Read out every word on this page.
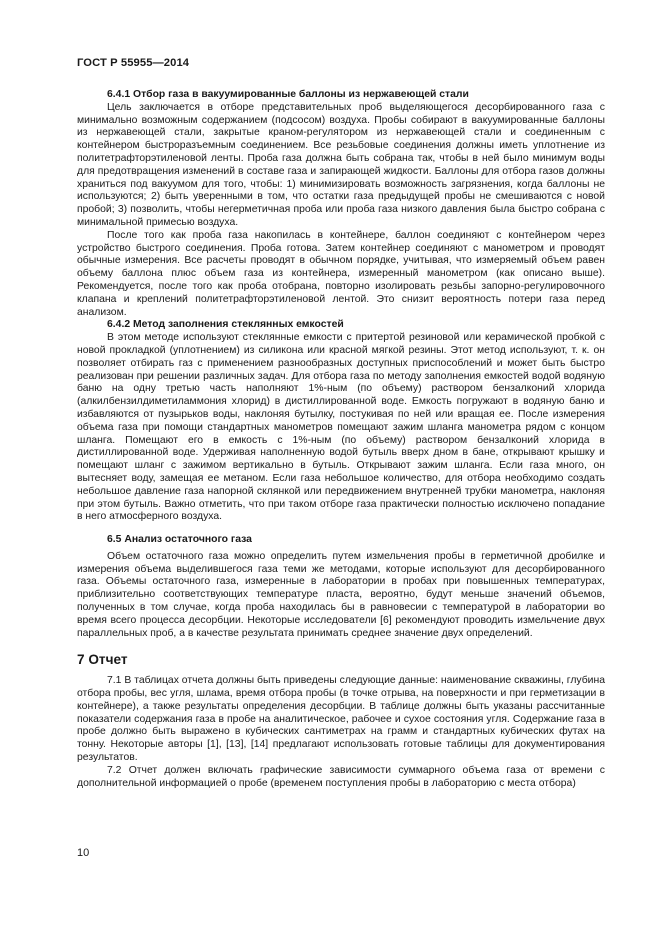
ГОСТ Р 55955—2014

6.4.1 Отбор газа в вакуумированные баллоны из нержавеющей стали

Цель заключается в отборе представительных проб выделяющегося десорбированного газа с минимально возможным содержанием (подсосом) воздуха. Пробы собирают в вакуумированные баллоны из нержавеющей стали, закрытые краном-регулятором из нержавеющей стали и соединенным с контейнером быстроразъемным соединением. Все резьбовые соединения должны иметь уплотнение из политетрафторэтиленовой ленты. Проба газа должна быть собрана так, чтобы в ней было минимум воды для предотвращения изменений в составе газа и запирающей жидкости. Баллоны для отбора газов должны храниться под вакуумом для того, чтобы: 1) минимизировать возможность загрязнения, когда баллоны не используются; 2) быть уверенными в том, что остатки газа предыдущей пробы не смешиваются с новой пробой; 3) позволить, чтобы негерметичная проба или проба газа низкого давления была быстро собрана с минимальной примесью воздуха.

После того как проба газа накопилась в контейнере, баллон соединяют с контейнером через устройство быстрого соединения. Проба готова. Затем контейнер соединяют с манометром и проводят обычные измерения. Все расчеты проводят в обычном порядке, учитывая, что измеряемый объем равен объему баллона плюс объем газа из контейнера, измеренный манометром (как описано выше). Рекомендуется, после того как проба отобрана, повторно изолировать резьбы запорно-регулировочного клапана и креплений политетрафторэтиленовой лентой. Это снизит вероятность потери газа перед анализом.

6.4.2 Метод заполнения стеклянных емкостей

В этом методе используют стеклянные емкости с притертой резиновой или керамической пробкой с новой прокладкой (уплотнением) из силикона или красной мягкой резины. Этот метод используют, т. к. он позволяет отбирать газ с применением разнообразных доступных приспособлений и может быть быстро реализован при решении различных задач. Для отбора газа по методу заполнения емкостей водой водяную баню на одну третью часть наполняют 1%-ным (по объему) раствором бензалконий хлорида (алкилбензилдиметиламмония хлорид) в дистиллированной воде. Емкость погружают в водяную баню и избавляются от пузырьков воды, наклоняя бутылку, постукивая по ней или вращая ее. После измерения объема газа при помощи стандартных манометров помещают зажим шланга манометра рядом с концом шланга. Помещают его в емкость с 1%-ным (по объему) раствором бензалконий хлорида в дистиллированной воде. Удерживая наполненную водой бутыль вверх дном в бане, открывают крышку и помещают шланг с зажимом вертикально в бутыль. Открывают зажим шланга. Если газа много, он вытесняет воду, замещая ее метаном. Если газа небольшое количество, для отбора необходимо создать небольшое давление газа напорной склянкой или передвижением внутренней трубки манометра, наклоняя при этом бутыль. Важно отметить, что при таком отборе газа практически полностью исключено попадание в него атмосферного воздуха.

6.5 Анализ остаточного газа

Объем остаточного газа можно определить путем измельчения пробы в герметичной дробилке и измерения объема выделившегося газа теми же методами, которые используют для десорбированного газа. Объемы остаточного газа, измеренные в лаборатории в пробах при повышенных температурах, приблизительно соответствующих температуре пласта, вероятно, будут меньше значений объемов, полученных в том случае, когда проба находилась бы в равновесии с температурой в лаборатории во время всего процесса десорбции. Некоторые исследователи [6] рекомендуют проводить измельчение двух параллельных проб, а в качестве результата принимать среднее значение двух определений.

7 Отчет

7.1 В таблицах отчета должны быть приведены следующие данные: наименование скважины, глубина отбора пробы, вес угля, шлама, время отбора пробы (в точке отрыва, на поверхности и при герметизации в контейнере), а также результаты определения десорбции. В таблице должны быть указаны рассчитанные показатели содержания газа в пробе на аналитическое, рабочее и сухое состояния угля. Содержание газа в пробе должно быть выражено в кубических сантиметрах на грамм и стандартных кубических футах на тонну. Некоторые авторы [1], [13], [14] предлагают использовать готовые таблицы для документирования результатов.

7.2 Отчет должен включать графические зависимости суммарного объема газа от времени с дополнительной информацией о пробе (временем поступления пробы в лабораторию с места отбора)

10
